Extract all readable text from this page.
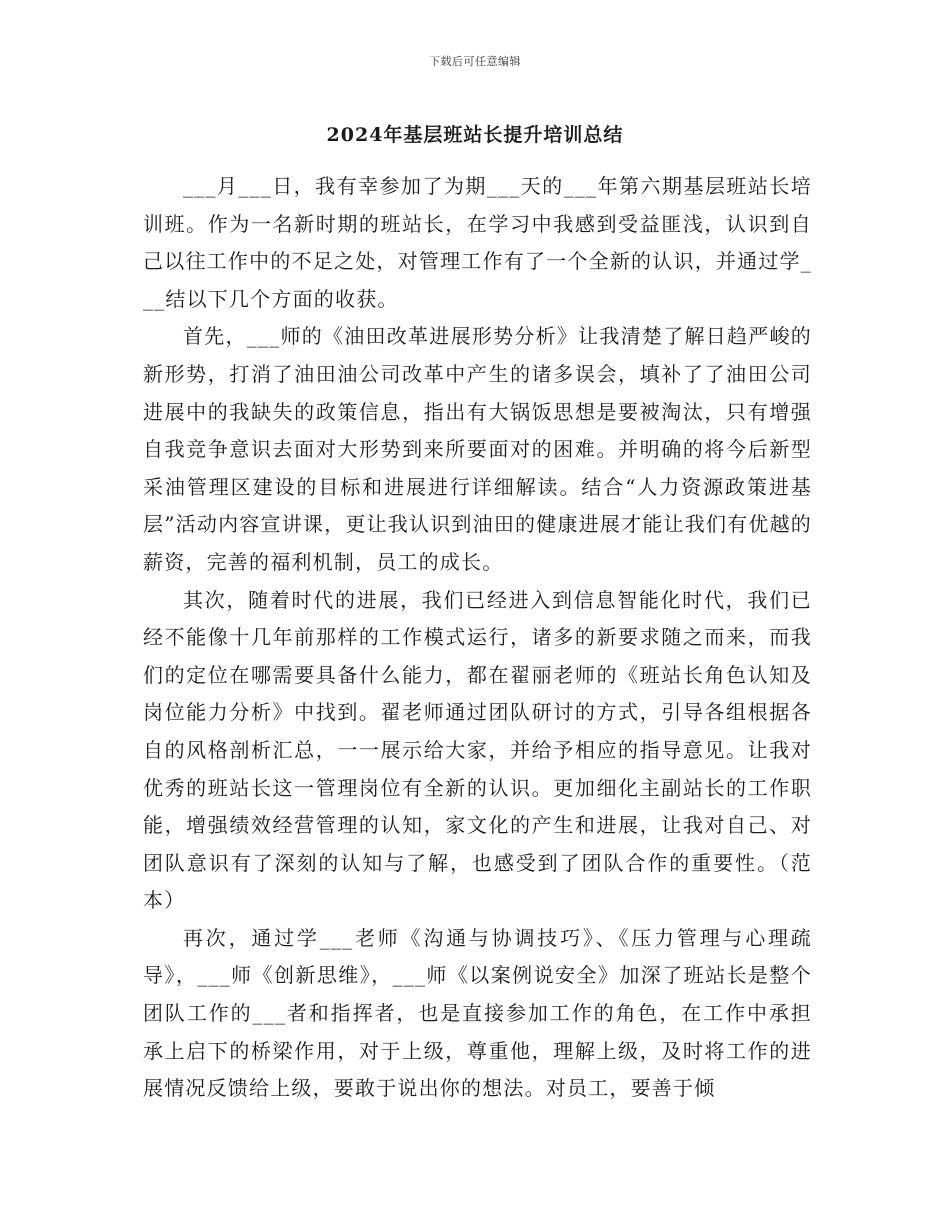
下载后可任意编辑
2024年基层班站长提升培训总结

___月___日，我有幸参加了为期___天的___年第六期基层班站长培训班。作为一名新时期的班站长，在学习中我感到受益匪浅，认识到自己以往工作中的不足之处，对管理工作有了一个全新的认识，并通过学___结以下几个方面的收获。

首先，___师的《油田改革进展形势分析》让我清楚了解日趋严峻的新形势，打消了油田油公司改革中产生的诸多误会，填补了了油田公司进展中的我缺失的政策信息，指出有大锅饭思想是要被淘汰，只有增强自我竞争意识去面对大形势到来所要面对的困难。并明确的将今后新型采油管理区建设的目标和进展进行详细解读。结合“人力资源政策进基层”活动内容宣讲课，更让我认识到油田的健康进展才能让我们有优越的薪资，完善的福利机制，员工的成长。

其次，随着时代的进展，我们已经进入到信息智能化时代，我们已经不能像十几年前那样的工作模式运行，诸多的新要求随之而来，而我们的定位在哪需要具备什么能力，都在翟丽老师的《班站长角色认知及岗位能力分析》中找到。翟老师通过团队研讨的方式，引导各组根据各自的风格剖析汇总，一一展示给大家，并给予相应的指导意见。让我对优秀的班站长这一管理岗位有全新的认识。更加细化主副站长的工作职能，增强绩效经营管理的认知，家文化的产生和进展，让我对自己、对团队意识有了深刻的认知与了解，也感受到了团队合作的重要性。（范本）

再次，通过学___老师《沟通与协调技巧》、《压力管理与心理疏导》，___师《创新思维》，___师《以案例说安全》加深了班站长是整个团队工作的___者和指挥者，也是直接参加工作的角色，在工作中承担承上启下的桥梁作用，对于上级，尊重他，理解上级，及时将工作的进展情况反馈给上级，要敢于说出你的想法。对员工，要善于倾
